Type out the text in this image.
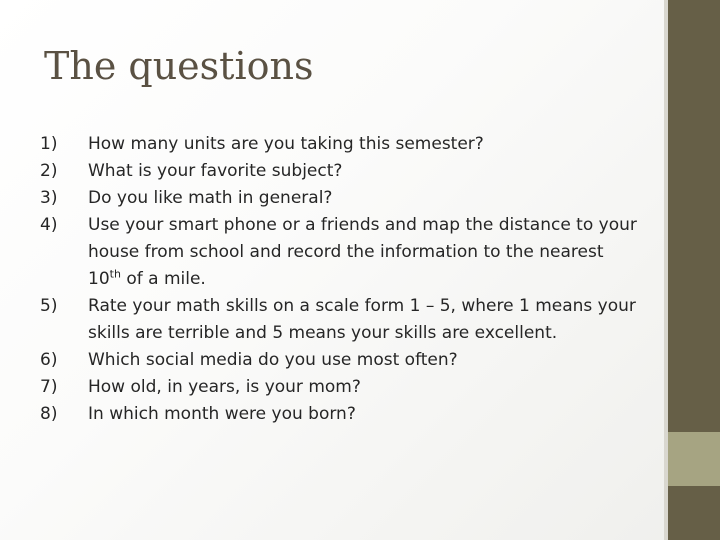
The questions
1)	How many units are you taking this semester?
2)	What is your favorite subject?
3)	Do you like math in general?
4)	Use your smart phone or a friends and map the distance to your house from school and record the information to the nearest 10th of a mile.
5)	Rate your math skills on a scale form 1 – 5, where 1 means your skills are terrible and 5 means your skills are excellent.
6)	Which social media do you use most often?
7)	How old, in years, is your mom?
8)	In which month were you born?
